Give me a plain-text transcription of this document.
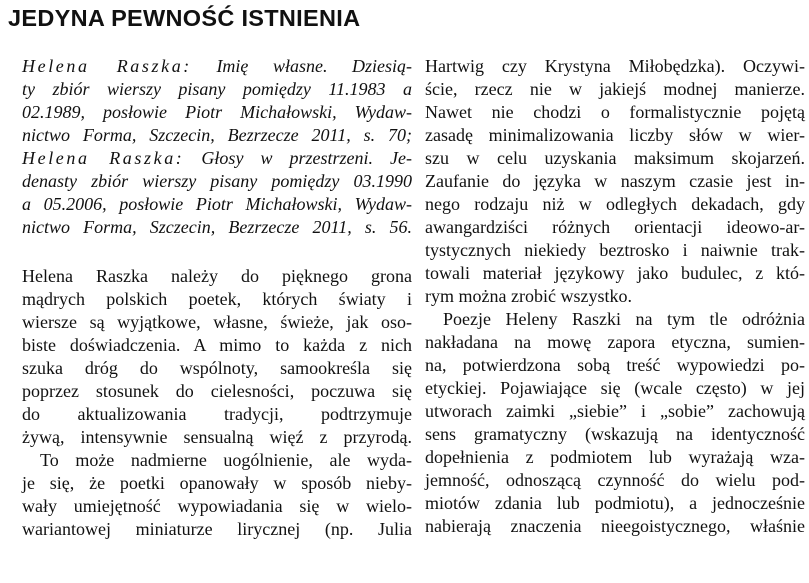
JEDYNA PEWNOŚĆ ISTNIENIA
Helena Raszka: Imię własne. Dziesią-
ty zbiór wierszy pisany pomiędzy 11.1983 a
02.1989, posłowie Piotr Michałowski, Wydaw-
nictwo Forma, Szczecin, Bezrzecze 2011, s. 70;
Helena Raszka: Głosy w przestrzeni. Je-
denasty zbiór wierszy pisany pomiędzy 03.1990
a 05.2006, posłowie Piotr Michałowski, Wydaw-
nictwo Forma, Szczecin, Bezrzecze 2011, s. 56.
Helena Raszka należy do pięknego grona
mądrych polskich poetek, których światy i
wiersze są wyjątkowe, własne, świeże, jak oso-
biste doświadczenia. A mimo to każda z nich
szuka dróg do wspólnoty, samookreśla się
poprzez stosunek do cielesności, poczuwa się
do aktualizowania tradycji, podtrzymuje
żywą, intensywnie sensualną więź z przyrodą.
To może nadmierne uogólnienie, ale wyda-
je się, że poetki opanowały w sposób nieby-
wały umiejętność wypowiadania się w wielo-
wariantowej miniaturze lirycznej (np. Julia
Hartwig czy Krystyna Miłobędzka). Oczywi-
ście, rzecz nie w jakiejś modnej manierze.
Nawet nie chodzi o formalistycznie pojętą
zasadę minimalizowania liczby słów w wier-
szu w celu uzyskania maksimum skojarzeń.
Zaufanie do języka w naszym czasie jest in-
nego rodzaju niż w odległych dekadach, gdy
awangardziści różnych orientacji ideowo-ar-
tystycznych niekiedy beztrosko i naiwnie trak-
towali materiał językowy jako budulec, z któ-
rym można zrobić wszystko.
Poezje Heleny Raszki na tym tle odróżnia
nakładana na mowę zapora etyczna, sumien-
na, potwierdzona sobą treść wypowiedzi po-
etyckiej. Pojawiające się (wcale często) w jej
utworach zaimki „siebie” i „sobie” zachowują
sens gramatyczny (wskazują na identyczność
dopełnienia z podmiotem lub wyrażają wza-
jemność, odnoszącą czynność do wielu pod-
miotów zdania lub podmiotu), a jednocześnie
nabierają znaczenia nieegoistycznego, właśnie
